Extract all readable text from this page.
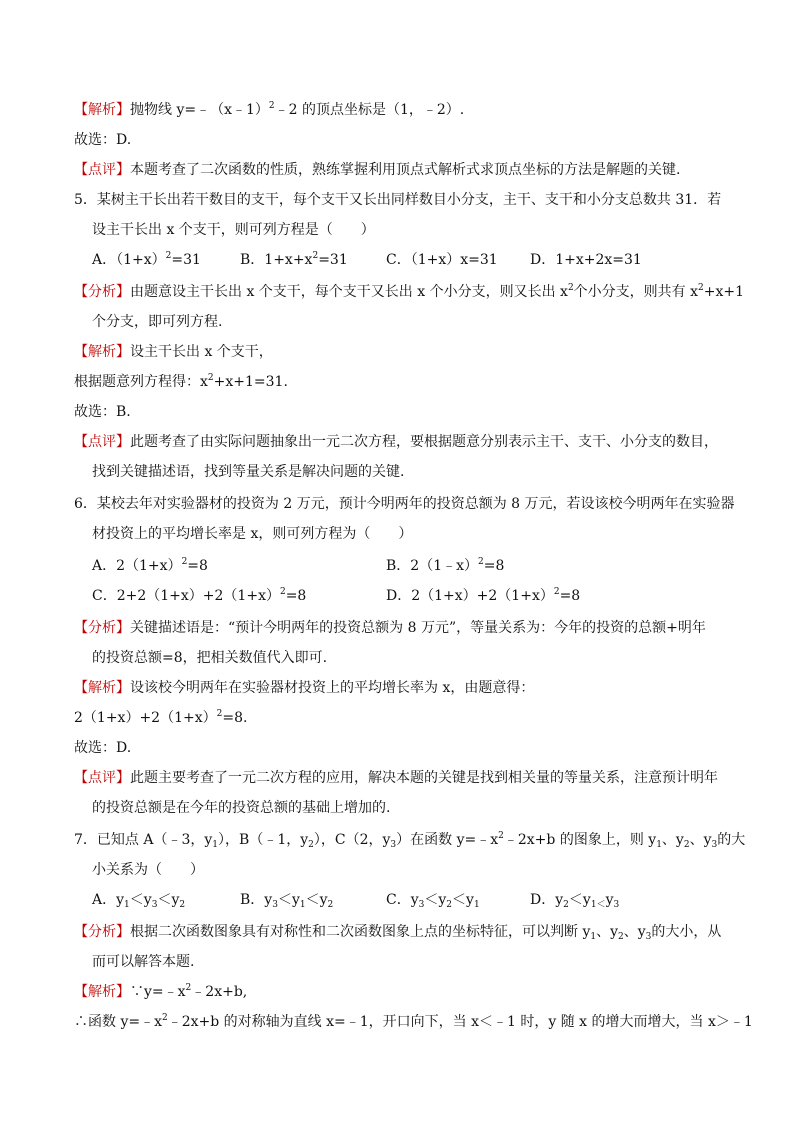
【解析】抛物线 y=﹣（x﹣1）$^2$﹣2 的顶点坐标是（1，﹣2）.
故选：D.
【点评】本题考查了二次函数的性质，熟练掌握利用顶点式解析式求顶点坐标的方法是解题的关键.
5．某树主干长出若干数目的支干，每个支干又长出同样数目小分支，主干、支干和小分支总数共 31．若
设主干长出 x 个支干，则可列方程是（　　）
A．$(1+x)^2=31$	B．$1+x+x^2=31$	C．（1+x）x=31 D．1+x+2x=31
【分析】由题意设主干长出 x 个支干，每个支干又长出 x 个小分支，则又长出 $x^2$个小分支，则共有 $x^2+x+1$
个分支，即可列方程.
【解析】设主干长出 x 个支干，
根据题意列方程得：$x^2+x+1=31$.
故选：B.
【点评】此题考查了由实际问题抽象出一元二次方程，要根据题意分别表示主干、支干、小分支的数目，
找到关键描述语，找到等量关系是解决问题的关键.
6．某校去年对实验器材的投资为 2 万元，预计今明两年的投资总额为 8 万元，若设该校今明两年在实验器
材投资上的平均增长率是 x，则可列方程为（　　）
A．$2(1+x)^2=8$	B．2（1﹣x）$^2$=8
C．$2+2(1+x)+2(1+x)^2=8$	D．$2(1+x)+2(1+x)^2=8$
【分析】关键描述语是：“预计今明两年的投资总额为 8 万元”，等量关系为：今年的投资的总额+明年
的投资总额=8，把相关数值代入即可.
【解析】设该校今明两年在实验器材投资上的平均增长率为 x，由题意得：
$2(1+x)+2(1+x)^2=8$.
故选：D.
【点评】此题主要考查了一元二次方程的应用，解决本题的关键是找到相关量的等量关系，注意预计明年
的投资总额是在今年的投资总额的基础上增加的.
7．已知点 A（﹣3，$y_1$），B（﹣1，$y_2$），C（2，$y_3$）在函数 $y=﹣x^2﹣2x+b$ 的图象上，则 $y_1$、$y_2$、$y_3$的大
小关系为（　　）
A．$y_1<y_3<y_2$	B．$y_3<y_1<y_2$	C．$y_3<y_2<y_1$	D．$y_2<y_{1<}y_3$
【分析】根据二次函数图象具有对称性和二次函数图象上点的坐标特征，可以判断 $y_1$、$y_2$、$y_3$的大小，从
而可以解答本题.
【解析】$\because y=﹣x^2﹣2x+b$,
∴函数 $y=﹣x^2﹣2x+b$ 的对称轴为直线 x=﹣1，开口向下，当 x＜﹣1 时，y 随 x 的增大而增大，当 x＞﹣1
